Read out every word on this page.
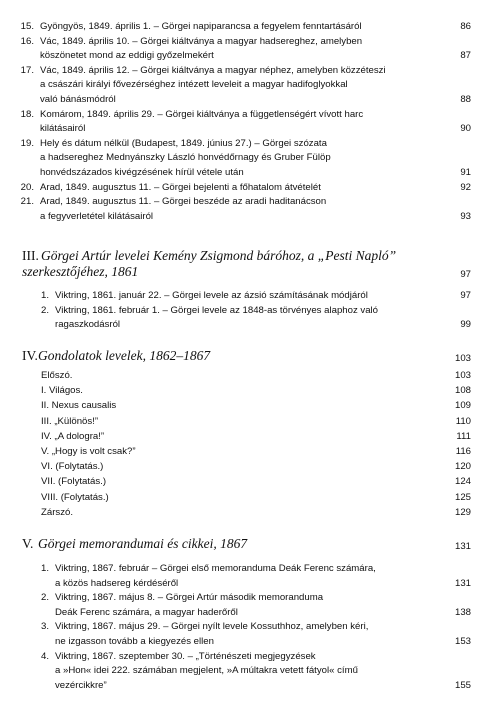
15. Gyöngyös, 1849. április 1. – Görgei napiparancsa a fegyelem fenntartásáról	86
16. Vác, 1849. április 10. – Görgei kiáltványa a magyar hadsereghez, amelyben
köszönetet mond az eddigi győzelmekért	87
17. Vác, 1849. április 12. – Görgei kiáltványa a magyar néphez, amelyben közzéteszi
a császári királyi fővezérséghez intézett leveleit a magyar hadifoglyokkal
való bánásmódról	88
18. Komárom, 1849. április 29. – Görgei kiáltványa a függetlenségért vívott harc
kilátásairól	90
19. Hely és dátum nélkül (Budapest, 1849. június 27.) – Görgei szózata
a hadsereghez Mednyánszky László honvédőrnagy és Gruber Fülöp
honvédszázados kivégzésének hírül vétele után	91
20. Arad, 1849. augusztus 11. – Görgei bejelenti a főhatalom átvételét	92
21. Arad, 1849. augusztus 11. – Görgei beszéde az aradi haditanácson
a fegyverletétel kilátásairól	93
III. Görgei Artúr levelei Kemény Zsigmond báróhoz, a „Pesti Napló”
szerkesztőjéhez, 1861	97
1. Viktring, 1861. január 22. – Görgei levele az ázsió számításának módjáról	97
2. Viktring, 1861. február 1. – Görgei levele az 1848-as törvényes alaphoz való
ragaszkodásról	99
IV. Gondolatok levelek, 1862–1867	103
Előszó.	103
I. Világos.	108
II. Nexus causalis	109
III. „Különös!”	110
IV. „A dologra!”	111
V. „Hogy is volt csak?”	116
VI. (Folytatás.)	120
VII. (Folytatás.)	124
VIII. (Folytatás.)	125
Zárszó.	129
V. Görgei memorandumai és cikkei, 1867	131
1. Viktring, 1867. február – Görgei első memoranduma Deák Ferenc számára,
a közös hadsereg kérdéséről	131
2. Viktring, 1867. május 8. – Görgei Artúr második memoranduma
Deák Ferenc számára, a magyar haderőről	138
3. Viktring, 1867. május 29. – Görgei nyílt levele Kossuthhoz, amelyben kéri,
ne izgasson tovább a kiegyezés ellen	153
4. Viktring, 1867. szeptember 30. – „Történészeti megjegyzések
a »Hon« idei 222. számában megjelent, »A múltakra vetett fátyol« című
vezércikkre”	155
